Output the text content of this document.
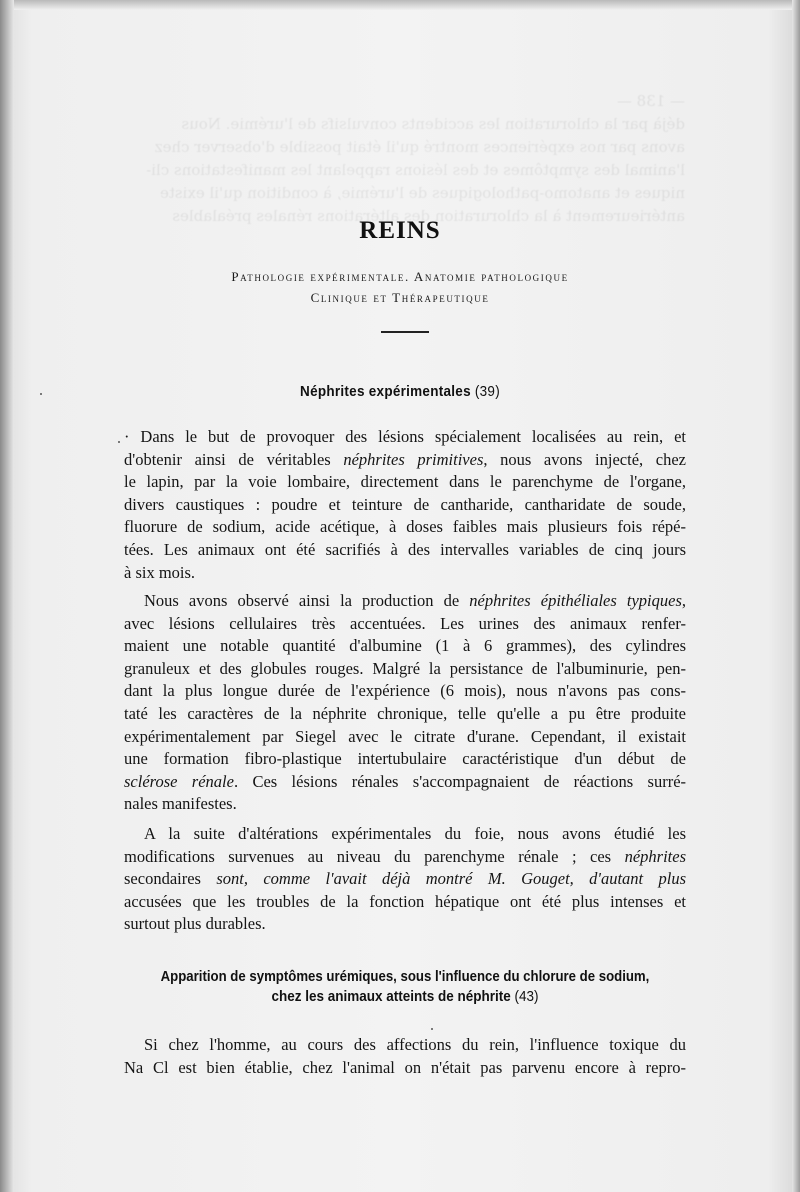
— 138 —
déjà par la chloruration les accidents convulsifs de l'urémie. Nous
avons par nos expériences montré qu'il était possible d'observer chez
l'animal des symptômes et des lésions rappelant les manifestations cli-
niques et anatomo-pathologiques de l'urémie, à condition qu'il existe
antérieurement à la chloruration des altérations rénales préalables
REINS
Pathologie expérimentale. Anatomie pathologique
Clinique et Thérapeutique
Néphrites expérimentales (39)
· Dans le but de provoquer des lésions spécialement localisées au rein, et
d'obtenir ainsi de véritables néphrites primitives, nous avons injecté, chez
le lapin, par la voie lombaire, directement dans le parenchyme de l'organe,
divers caustiques : poudre et teinture de cantharide, cantharidate de soude,
fluorure de sodium, acide acétique, à doses faibles mais plusieurs fois répé-
tées. Les animaux ont été sacrifiés à des intervalles variables de cinq jours
à six mois.
Nous avons observé ainsi la production de néphrites épithéliales typiques,
avec lésions cellulaires très accentuées. Les urines des animaux renfer-
maient une notable quantité d'albumine (1 à 6 grammes), des cylindres
granuleux et des globules rouges. Malgré la persistance de l'albuminurie, pen-
dant la plus longue durée de l'expérience (6 mois), nous n'avons pas cons-
taté les caractères de la néphrite chronique, telle qu'elle a pu être produite
expérimentalement par Siegel avec le citrate d'urane. Cependant, il existait
une formation fibro-plastique intertubulaire caractéristique d'un début de
sclérose rénale. Ces lésions rénales s'accompagnaient de réactions surré-
nales manifestes.
A la suite d'altérations expérimentales du foie, nous avons étudié les
modifications survenues au niveau du parenchyme rénale ; ces néphrites
secondaires sont, comme l'avait déjà montré M. Gouget, d'autant plus
accusées que les troubles de la fonction hépatique ont été plus intenses et
surtout plus durables.
Apparition de symptômes urémiques, sous l'influence du chlorure de sodium,
chez les animaux atteints de néphrite (43)
Si chez l'homme, au cours des affections du rein, l'influence toxique du
Na Cl est bien établie, chez l'animal on n'était pas parvenu encore à repro-
